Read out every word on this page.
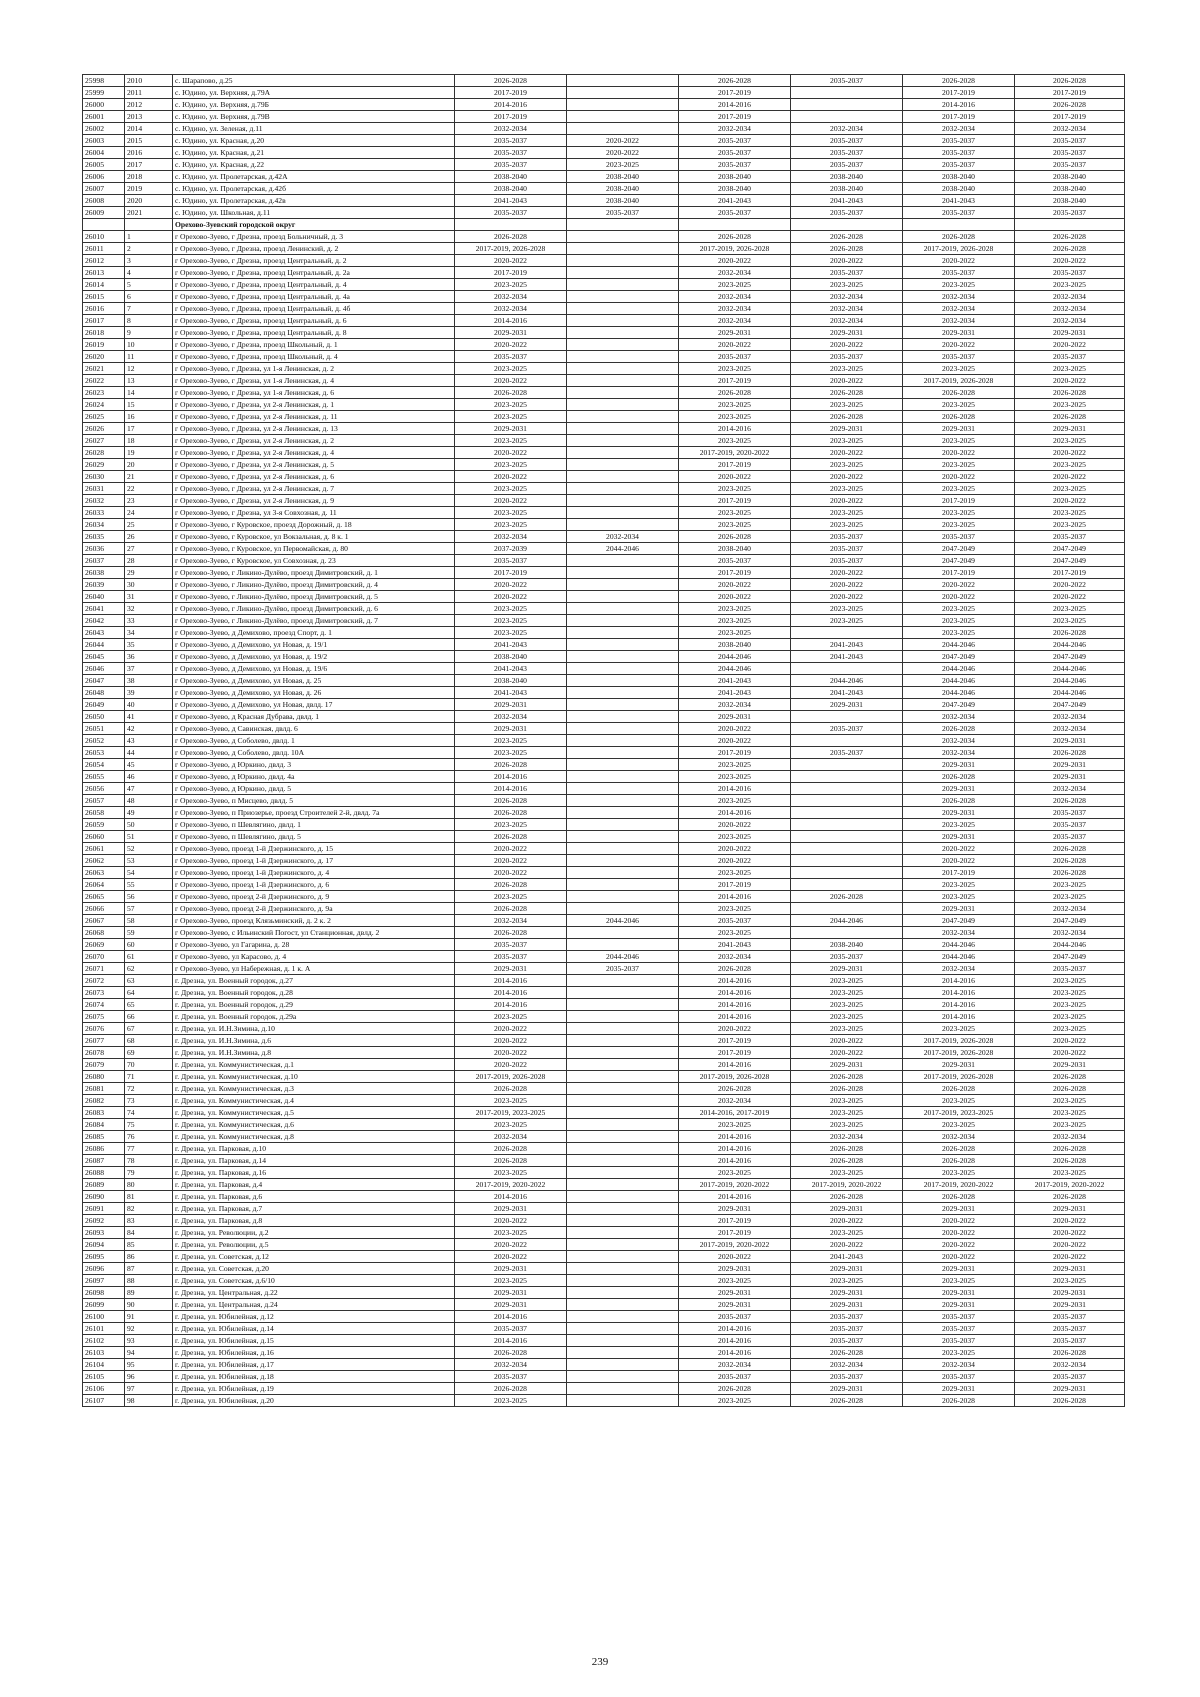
25998	2010	с. Шарапово, д.25	2026-2028		2026-2028	2035-2037	2026-2028	2026-2028
25999	2011	с. Юдино, ул. Верхняя, д.79А	2017-2019		2017-2019		2017-2019	2017-2019
26000	2012	с. Юдино, ул. Верхняя, д.79Б	2014-2016		2014-2016		2014-2016	2026-2028
26001	2013	с. Юдино, ул. Верхняя, д.79В	2017-2019		2017-2019		2017-2019	2017-2019
26002	2014	с. Юдино, ул. Зеленая, д.11	2032-2034		2032-2034	2032-2034	2032-2034	2032-2034
26003	2015	с. Юдино, ул. Красная, д.20	2035-2037	2020-2022	2035-2037	2035-2037	2035-2037	2035-2037
26004	2016	с. Юдино, ул. Красная, д.21	2035-2037	2020-2022	2035-2037	2035-2037	2035-2037	2035-2037
26005	2017	с. Юдино, ул. Красная, д.22	2035-2037	2023-2025	2035-2037	2035-2037	2035-2037	2035-2037
26006	2018	с. Юдино, ул. Пролетарская, д.42А	2038-2040	2038-2040	2038-2040	2038-2040	2038-2040	2038-2040
26007	2019	с. Юдино, ул. Пролетарская, д.42б	2038-2040	2038-2040	2038-2040	2038-2040	2038-2040	2038-2040
26008	2020	с. Юдино, ул. Пролетарская, д.42в	2041-2043	2038-2040	2041-2043	2041-2043	2041-2043	2038-2040
26009	2021	с. Юдино, ул. Школьная, д.11	2035-2037	2035-2037	2035-2037	2035-2037	2035-2037	2035-2037
		Орехово-Зуевский городской округ						
26010	1	г Орехово-Зуево, г Дрезна, проезд Больничный, д. 3	2026-2028		2026-2028	2026-2028	2026-2028	2026-2028
26011	2	г Орехово-Зуево, г Дрезна, проезд Ленинский, д. 2	2017-2019, 2026-2028		2017-2019, 2026-2028	2026-2028	2017-2019, 2026-2028	2026-2028
26012	3	г Орехово-Зуево, г Дрезна, проезд Центральный, д. 2	2020-2022		2020-2022	2020-2022	2020-2022	2020-2022
26013	4	г Орехово-Зуево, г Дрезна, проезд Центральный, д. 2а	2017-2019		2032-2034	2035-2037	2035-2037	2035-2037
26014	5	г Орехово-Зуево, г Дрезна, проезд Центральный, д. 4	2023-2025		2023-2025	2023-2025	2023-2025	2023-2025
26015	6	г Орехово-Зуево, г Дрезна, проезд Центральный, д. 4а	2032-2034		2032-2034	2032-2034	2032-2034	2032-2034
26016	7	г Орехово-Зуево, г Дрезна, проезд Центральный, д. 4б	2032-2034		2032-2034	2032-2034	2032-2034	2032-2034
26017	8	г Орехово-Зуево, г Дрезна, проезд Центральный, д. 6	2014-2016		2032-2034	2032-2034	2032-2034	2032-2034
26018	9	г Орехово-Зуево, г Дрезна, проезд Центральный, д. 8	2029-2031		2029-2031	2029-2031	2029-2031	2029-2031
26019	10	г Орехово-Зуево, г Дрезна, проезд Школьный, д. 1	2020-2022		2020-2022	2020-2022	2020-2022	2020-2022
26020	11	г Орехово-Зуево, г Дрезна, проезд Школьный, д. 4	2035-2037		2035-2037	2035-2037	2035-2037	2035-2037
26021	12	г Орехово-Зуево, г Дрезна, ул 1-я Ленинская, д. 2	2023-2025		2023-2025	2023-2025	2023-2025	2023-2025
26022	13	г Орехово-Зуево, г Дрезна, ул 1-я Ленинская, д. 4	2020-2022		2017-2019	2020-2022	2017-2019, 2026-2028	2020-2022
26023	14	г Орехово-Зуево, г Дрезна, ул 1-я Ленинская, д. 6	2026-2028		2026-2028	2026-2028	2026-2028	2026-2028
26024	15	г Орехово-Зуево, г Дрезна, ул 2-я Ленинская, д. 1	2023-2025		2023-2025	2023-2025	2023-2025	2023-2025
26025	16	г Орехово-Зуево, г Дрезна, ул 2-я Ленинская, д. 11	2023-2025		2023-2025	2026-2028	2026-2028	2026-2028
26026	17	г Орехово-Зуево, г Дрезна, ул 2-я Ленинская, д. 13	2029-2031		2014-2016	2029-2031	2029-2031	2029-2031
26027	18	г Орехово-Зуево, г Дрезна, ул 2-я Ленинская, д. 2	2023-2025		2023-2025	2023-2025	2023-2025	2023-2025
26028	19	г Орехово-Зуево, г Дрезна, ул 2-я Ленинская, д. 4	2020-2022		2017-2019, 2020-2022	2020-2022	2020-2022	2020-2022
26029	20	г Орехово-Зуево, г Дрезна, ул 2-я Ленинская, д. 5	2023-2025		2017-2019	2023-2025	2023-2025	2023-2025
26030	21	г Орехово-Зуево, г Дрезна, ул 2-я Ленинская, д. 6	2020-2022		2020-2022	2020-2022	2020-2022	2020-2022
26031	22	г Орехово-Зуево, г Дрезна, ул 2-я Ленинская, д. 7	2023-2025		2023-2025	2023-2025	2023-2025	2023-2025
26032	23	г Орехово-Зуево, г Дрезна, ул 2-я Ленинская, д. 9	2020-2022		2017-2019	2020-2022	2017-2019	2020-2022
26033	24	г Орехово-Зуево, г Дрезна, ул 3-я Совхозная, д. 11	2023-2025		2023-2025	2023-2025	2023-2025	2023-2025
26034	25	г Орехово-Зуево, г Куровское, проезд Дорожный, д. 18	2023-2025		2023-2025	2023-2025	2023-2025	2023-2025
26035	26	г Орехово-Зуево, г Куровское, ул Вокзальная, д. 8 к. 1	2032-2034	2032-2034	2026-2028	2035-2037	2035-2037	2035-2037
26036	27	г Орехово-Зуево, г Куровское, ул Первомайская, д. 80	2037-2039	2044-2046	2038-2040	2035-2037	2047-2049	2047-2049
26037	28	г Орехово-Зуево, г Куровское, ул Совхозная, д. 23	2035-2037		2035-2037	2035-2037	2047-2049	2047-2049
26038	29	г Орехово-Зуево, г Ликино-Дулёво, проезд Димитровский, д. 1	2017-2019		2017-2019	2020-2022	2017-2019	2017-2019
26039	30	г Орехово-Зуево, г Ликино-Дулёво, проезд Димитровский, д. 4	2020-2022		2020-2022	2020-2022	2020-2022	2020-2022
26040	31	г Орехово-Зуево, г Ликино-Дулёво, проезд Димитровский, д. 5	2020-2022		2020-2022	2020-2022	2020-2022	2020-2022
26041	32	г Орехово-Зуево, г Ликино-Дулёво, проезд Димитровский, д. 6	2023-2025		2023-2025	2023-2025	2023-2025	2023-2025
26042	33	г Орехово-Зуево, г Ликино-Дулёво, проезд Димитровский, д. 7	2023-2025		2023-2025	2023-2025	2023-2025	2023-2025
26043	34	г Орехово-Зуево, д Демихово, проезд Спорт, д. 1	2023-2025		2023-2025		2023-2025	2026-2028
26044	35	г Орехово-Зуево, д Демихово, ул Новая, д. 19/1	2041-2043		2038-2040	2041-2043	2044-2046	2044-2046
26045	36	г Орехово-Зуево, д Демихово, ул Новая, д. 19/2	2038-2040		2044-2046	2041-2043	2047-2049	2047-2049
26046	37	г Орехово-Зуево, д Демихово, ул Новая, д. 19/6	2041-2043		2044-2046		2044-2046	2044-2046
26047	38	г Орехово-Зуево, д Демихово, ул Новая, д. 25	2038-2040		2041-2043	2044-2046	2044-2046	2044-2046
26048	39	г Орехово-Зуево, д Демихово, ул Новая, д. 26	2041-2043		2041-2043	2041-2043	2044-2046	2044-2046
26049	40	г Орехово-Зуево, д Демихово, ул Новая, двлд. 17	2029-2031		2032-2034	2029-2031	2047-2049	2047-2049
26050	41	г Орехово-Зуево, д Красная Дубрава, двлд. 1	2032-2034		2029-2031		2032-2034	2032-2034
26051	42	г Орехово-Зуево, д Савинская, двлд. 6	2029-2031		2020-2022	2035-2037	2026-2028	2032-2034
26052	43	г Орехово-Зуево, д Соболево, двлд. 1	2023-2025		2020-2022		2032-2034	2029-2031
26053	44	г Орехово-Зуево, д Соболево, двлд. 10А	2023-2025		2017-2019	2035-2037	2032-2034	2026-2028
26054	45	г Орехово-Зуево, д Юркино, двлд. 3	2026-2028		2023-2025		2029-2031	2029-2031
26055	46	г Орехово-Зуево, д Юркино, двлд. 4а	2014-2016		2023-2025		2026-2028	2029-2031
26056	47	г Орехово-Зуево, д Юркино, двлд. 5	2014-2016		2014-2016		2029-2031	2032-2034
26057	48	г Орехово-Зуево, п Мисцево, двлд. 5	2026-2028		2023-2025		2026-2028	2026-2028
26058	49	г Орехово-Зуево, п Приозерье, проезд Строителей 2-й, двлд. 7а	2026-2028		2014-2016		2029-2031	2035-2037
26059	50	г Орехово-Зуево, п Шевлягино, двлд. 1	2023-2025		2020-2022		2023-2025	2035-2037
26060	51	г Орехово-Зуево, п Шевлягино, двлд. 5	2026-2028		2023-2025		2029-2031	2035-2037
26061	52	г Орехово-Зуево, проезд 1-й Дзержинского, д. 15	2020-2022		2020-2022		2020-2022	2026-2028
26062	53	г Орехово-Зуево, проезд 1-й Дзержинского, д. 17	2020-2022		2020-2022		2020-2022	2026-2028
26063	54	г Орехово-Зуево, проезд 1-й Дзержинского, д. 4	2020-2022		2023-2025		2017-2019	2026-2028
26064	55	г Орехово-Зуево, проезд 1-й Дзержинского, д. 6	2026-2028		2017-2019		2023-2025	2023-2025
26065	56	г Орехово-Зуево, проезд 2-й Дзержинского, д. 9	2023-2025		2014-2016	2026-2028	2023-2025	2023-2025
26066	57	г Орехово-Зуево, проезд 2-й Дзержинского, д. 9а	2026-2028		2023-2025		2029-2031	2032-2034
26067	58	г Орехово-Зуево, проезд Клязьминский, д. 2 к. 2	2032-2034	2044-2046	2035-2037	2044-2046	2047-2049	2047-2049
26068	59	г Орехово-Зуево, с Ильинский Погост, ул Станционная, двлд. 2	2026-2028		2023-2025		2032-2034	2032-2034
26069	60	г Орехово-Зуево, ул Гагарина, д. 28	2035-2037		2041-2043	2038-2040	2044-2046	2044-2046
26070	61	г Орехово-Зуево, ул Карасово, д. 4	2035-2037	2044-2046	2032-2034	2035-2037	2044-2046	2047-2049
26071	62	г Орехово-Зуево, ул Набережная, д. 1 к. А	2029-2031	2035-2037	2026-2028	2029-2031	2032-2034	2035-2037
26072	63	г. Дрезна, ул. Военный городок, д.27	2014-2016		2014-2016	2023-2025	2014-2016	2023-2025
26073	64	г. Дрезна, ул. Военный городок, д.28	2014-2016		2014-2016	2023-2025	2014-2016	2023-2025
26074	65	г. Дрезна, ул. Военный городок, д.29	2014-2016		2014-2016	2023-2025	2014-2016	2023-2025
26075	66	г. Дрезна, ул. Военный городок, д.29а	2023-2025		2014-2016	2023-2025	2014-2016	2023-2025
26076	67	г. Дрезна, ул. И.Н.Зимина, д.10	2020-2022		2020-2022	2023-2025	2023-2025	2023-2025
26077	68	г. Дрезна, ул. И.Н.Зимина, д.6	2020-2022		2017-2019	2020-2022	2017-2019, 2026-2028	2020-2022
26078	69	г. Дрезна, ул. И.Н.Зимина, д.8	2020-2022		2017-2019	2020-2022	2017-2019, 2026-2028	2020-2022
26079	70	г. Дрезна, ул. Коммунистическая, д.1	2020-2022		2014-2016	2029-2031	2029-2031	2029-2031
26080	71	г. Дрезна, ул. Коммунистическая, д.10	2017-2019, 2026-2028		2017-2019, 2026-2028	2026-2028	2017-2019, 2026-2028	2026-2028
26081	72	г. Дрезна, ул. Коммунистическая, д.3	2026-2028		2026-2028	2026-2028	2026-2028	2026-2028
26082	73	г. Дрезна, ул. Коммунистическая, д.4	2023-2025		2032-2034	2023-2025	2023-2025	2023-2025
26083	74	г. Дрезна, ул. Коммунистическая, д.5	2017-2019, 2023-2025		2014-2016, 2017-2019	2023-2025	2017-2019, 2023-2025	2023-2025
26084	75	г. Дрезна, ул. Коммунистическая, д.6	2023-2025		2023-2025	2023-2025	2023-2025	2023-2025
26085	76	г. Дрезна, ул. Коммунистическая, д.8	2032-2034		2014-2016	2032-2034	2032-2034	2032-2034
26086	77	г. Дрезна, ул. Парковая, д.10	2026-2028		2014-2016	2026-2028	2026-2028	2026-2028
26087	78	г. Дрезна, ул. Парковая, д.14	2026-2028		2014-2016	2026-2028	2026-2028	2026-2028
26088	79	г. Дрезна, ул. Парковая, д.16	2023-2025		2023-2025	2023-2025	2023-2025	2023-2025
26089	80	г. Дрезна, ул. Парковая, д.4	2017-2019, 2020-2022		2017-2019, 2020-2022	2017-2019, 2020-2022	2017-2019, 2020-2022	2017-2019, 2020-2022
26090	81	г. Дрезна, ул. Парковая, д.6	2014-2016		2014-2016	2026-2028	2026-2028	2026-2028
26091	82	г. Дрезна, ул. Парковая, д.7	2029-2031		2029-2031	2029-2031	2029-2031	2029-2031
26092	83	г. Дрезна, ул. Парковая, д.8	2020-2022		2017-2019	2020-2022	2020-2022	2020-2022
26093	84	г. Дрезна, ул. Революции, д.2	2023-2025		2017-2019	2023-2025	2020-2022	2020-2022
26094	85	г. Дрезна, ул. Революции, д.5	2020-2022		2017-2019, 2020-2022	2020-2022	2020-2022	2020-2022
26095	86	г. Дрезна, ул. Советская, д.12	2020-2022		2020-2022	2041-2043	2020-2022	2020-2022
26096	87	г. Дрезна, ул. Советская, д.20	2029-2031		2029-2031	2029-2031	2029-2031	2029-2031
26097	88	г. Дрезна, ул. Советская, д.6/10	2023-2025		2023-2025	2023-2025	2023-2025	2023-2025
26098	89	г. Дрезна, ул. Центральная, д.22	2029-2031		2029-2031	2029-2031	2029-2031	2029-2031
26099	90	г. Дрезна, ул. Центральная, д.24	2029-2031		2029-2031	2029-2031	2029-2031	2029-2031
26100	91	г. Дрезна, ул. Юбилейная, д.12	2014-2016		2035-2037	2035-2037	2035-2037	2035-2037
26101	92	г. Дрезна, ул. Юбилейная, д.14	2035-2037		2014-2016	2035-2037	2035-2037	2035-2037
26102	93	г. Дрезна, ул. Юбилейная, д.15	2014-2016		2014-2016	2035-2037	2035-2037	2035-2037
26103	94	г. Дрезна, ул. Юбилейная, д.16	2026-2028		2014-2016	2026-2028	2023-2025	2026-2028
26104	95	г. Дрезна, ул. Юбилейная, д.17	2032-2034		2032-2034	2032-2034	2032-2034	2032-2034
26105	96	г. Дрезна, ул. Юбилейная, д.18	2035-2037		2035-2037	2035-2037	2035-2037	2035-2037
26106	97	г. Дрезна, ул. Юбилейная, д.19	2026-2028		2026-2028	2029-2031	2029-2031	2029-2031
26107	98	г. Дрезна, ул. Юбилейная, д.20	2023-2025		2023-2025	2026-2028	2026-2028	2026-2028
239
